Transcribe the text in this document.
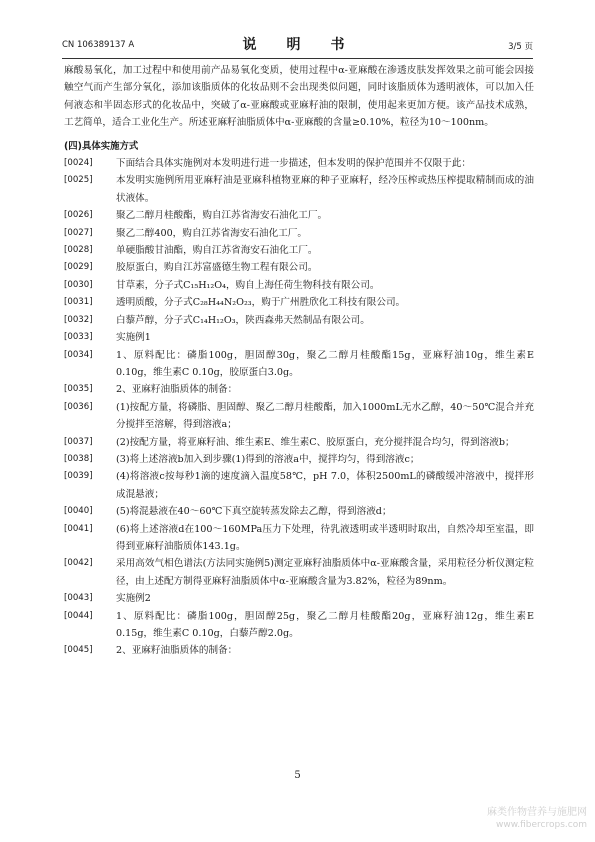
CN 106389137 A	说　明　书	3/5 页
麻酸易氧化，加工过程中和使用前产品易氧化变质，使用过程中α-亚麻酸在渗透皮肤发挥效果之前可能会因接触空气而产生部分氧化，添加该脂质体的化妆品则不会出现类似问题，同时该脂质体为透明液体，可以加入任何液态和半固态形式的化妆品中，突破了α-亚麻酸或亚麻籽油的限制，使用起来更加方便。该产品技术成熟，工艺简单，适合工业化生产。所述亚麻籽油脂质体中α-亚麻酸的含量≥0.10%，粒径为10～100nm。
(四)具体实施方式
[0024]	下面结合具体实施例对本发明进行进一步描述，但本发明的保护范围并不仅限于此：
[0025]	本发明实施例所用亚麻籽油是亚麻科植物亚麻的种子亚麻籽，经冷压榨或热压榨提取精制而成的油状液体。
[0026]	聚乙二醇月桂酸酯，购自江苏省海安石油化工厂。
[0027]	聚乙二醇400，购自江苏省海安石油化工厂。
[0028]	单硬脂酸甘油酯，购自江苏省海安石油化工厂。
[0029]	胶原蛋白，购自江苏富盛德生物工程有限公司。
[0030]	甘草素，分子式C₁₅H₁₂O₄，购自上海任荷生物科技有限公司。
[0031]	透明质酸，分子式C₂₈H₄₄N₂O₂₃，购于广州胜欣化工科技有限公司。
[0032]	白藜芦醇，分子式C₁₄H₁₂O₃，陕西森弗天然制品有限公司。
[0033]	实施例1
[0034]	1、原料配比：磷脂100g，胆固醇30g，聚乙二醇月桂酸酯15g，亚麻籽油10g，维生素E 0.10g，维生素C 0.10g，胶原蛋白3.0g。
[0035]	2、亚麻籽油脂质体的制备：
[0036]	(1)按配方量，将磷脂、胆固醇、聚乙二醇月桂酸酯，加入1000mL无水乙醇，40～50℃混合并充分搅拌至溶解，得到溶液a；
[0037]	(2)按配方量，将亚麻籽油、维生素E、维生素C、胶原蛋白，充分搅拌混合均匀，得到溶液b；
[0038]	(3)将上述溶液b加入到步骤(1)得到的溶液a中，搅拌均匀，得到溶液c；
[0039]	(4)将溶液c按每秒1滴的速度滴入温度58℃，pH 7.0，体积2500mL的磷酸缓冲溶液中，搅拌形成混悬液；
[0040]	(5)将混悬液在40～60℃下真空旋转蒸发除去乙醇，得到溶液d；
[0041]	(6)将上述溶液d在100～160MPa压力下处理，待乳液透明或半透明时取出，自然冷却至室温，即得到亚麻籽油脂质体143.1g。
[0042]	采用高效气相色谱法(方法同实施例5)测定亚麻籽油脂质体中α-亚麻酸含量，采用粒径分析仪测定粒径，由上述配方制得亚麻籽油脂质体中α-亚麻酸含量为3.82%，粒径为89nm。
[0043]	实施例2
[0044]	1、原料配比：磷脂100g，胆固醇25g，聚乙二醇月桂酸酯20g，亚麻籽油12g，维生素E 0.15g，维生素C 0.10g，白藜芦醇2.0g。
[0045]	2、亚麻籽油脂质体的制备：
5
麻类作物营养与施肥网
www.fibercrops.com
